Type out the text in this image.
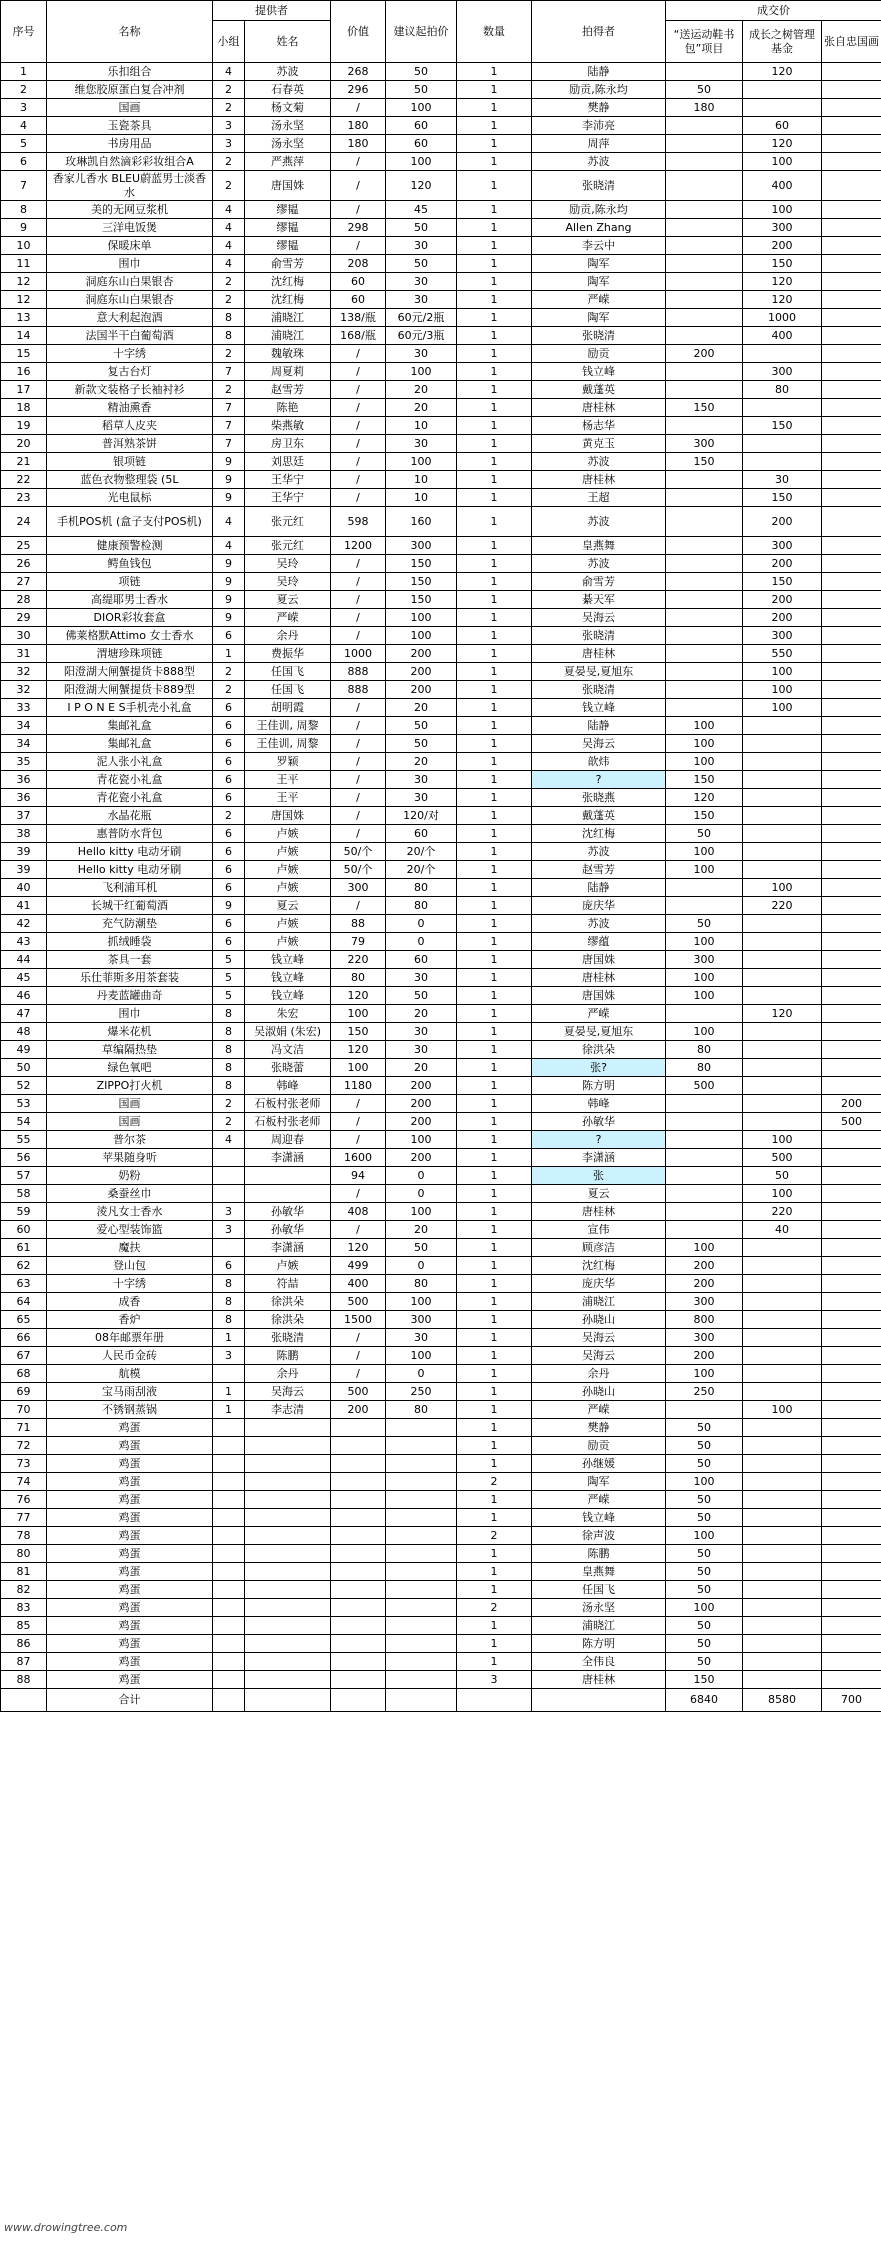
序号	名称	提供者		价值	建议起拍价	数量	拍得者	成交价		
		小组	姓名					“送运动鞋书包”项目	成长之树管理基金	张自忠国画
1	乐扣组合	4	苏波	268	50	1	陆静		120	
2	维您胶原蛋白复合冲剂	2	石春英	296	50	1	励贡,陈永均	50		
3	国画	2	杨文菊	/	100	1	樊静	180		
4	玉瓷茶具	3	汤永坚	180	60	1	李沛亮		60	
5	书房用品	3	汤永坚	180	60	1	周萍		120	
6	玫琳凯自然滴彩彩妆组合A	2	严燕萍	/	100	1	苏波		100	
7	香家儿香水 BLEU蔚蓝男士淡香水	2	唐国姝	/	120	1	张晓清		400	
8	美的无网豆浆机	4	缪韫	/	45	1	励贡,陈永均		100	
9	三洋电饭煲	4	缪韫	298	50	1	Allen Zhang		300	
10	保暖床单	4	缪韫	/	30	1	李云中		200	
11	围巾	4	俞雪芳	208	50	1	陶军		150	
12	洞庭东山白果银杏	2	沈红梅	60	30	1	陶军		120	
12	洞庭东山白果银杏	2	沈红梅	60	30	1	严嵘		120	
13	意大利起泡酒	8	浦晓江	138/瓶	60元/2瓶	1	陶军		1000	
14	法国半干白葡萄酒	8	浦晓江	168/瓶	60元/3瓶	1	张晓清		400	
15	十字绣	2	魏敏珠	/	30	1	励贡	200		
16	复古台灯	7	周夏莉	/	100	1	钱立峰		300	
17	新款文装格子长袖衬衫	2	赵雪芳	/	20	1	戴蓬英		80	
18	精油熏香	7	陈艳	/	20	1	唐桂林	150		
19	稻草人皮夹	7	柴燕敏	/	10	1	杨志华		150	
20	普洱熟茶饼	7	房卫东	/	30	1	黄克玉	300		
21	银项链	9	刘思廷	/	100	1	苏波	150		
22	蓝色衣物整理袋 (5L	9	王华宁	/	10	1	唐桂林		30	
23	光电鼠标	9	王华宁	/	10	1	王超		150	
24	手机POS机 (盒子支付POS机)	4	张元红	598	160	1	苏波		200	
25	健康预警检测	4	张元红	1200	300	1	皇燕舞		300	
26	鳄鱼钱包	9	吴玲	/	150	1	苏波		200	
27	项链	9	吴玲	/	150	1	俞雪芳		150	
28	高缇耶男士香水	9	夏云	/	150	1	綦天军		200	
29	DIOR彩妆套盒	9	严嵘	/	100	1	吴海云		200	
30	佛莱格默Attimo 女士香水	6	余丹	/	100	1	张晓清		300	
31	渭塘珍珠项链	1	费振华	1000	200	1	唐桂林		550	
32	阳澄湖大闸蟹提货卡888型	2	任国飞	888	200	1	夏晏旻,夏旭东		100	
32	阳澄湖大闸蟹提货卡889型	2	任国飞	888	200	1	张晓清		100	
33	I P O N E S手机壳小礼盒	6	胡明霞	/	20	1	钱立峰		100	
34	集邮礼盒	6	王佳训, 周黎	/	50	1	陆静	100		
34	集邮礼盒	6	王佳训, 周黎	/	50	1	吴海云	100		
35	泥人张小礼盒	6	罗颖	/	20	1	歆炜	100		
36	青花瓷小礼盒	6	王平	/	30	1	?	150		
36	青花瓷小礼盒	6	王平	/	30	1	张晓燕	120		
37	水晶花瓶	2	唐国姝	/	120/对	1	戴蓬英	150		
38	惠普防水背包	6	卢嫉	/	60	1	沈红梅	50		
39	Hello kitty 电动牙刷	6	卢嫉	50/个	20/个	1	苏波	100		
39	Hello kitty 电动牙刷	6	卢嫉	50/个	20/个	1	赵雪芳	100		
40	飞利浦耳机	6	卢嫉	300	80	1	陆静		100	
41	长城干红葡萄酒	9	夏云	/	80	1	庞庆华		220	
42	充气防潮垫	6	卢嫉	88	0	1	苏波	50		
43	抓绒睡袋	6	卢嫉	79	0	1	缪蕴	100		
44	茶具一套	5	钱立峰	220	60	1	唐国姝	300		
45	乐仕菲斯多用茶套装	5	钱立峰	80	30	1	唐桂林	100		
46	丹麦蓝罐曲奇	5	钱立峰	120	50	1	唐国姝	100		
47	围巾	8	朱宏	100	20	1	严嵘		120	
48	爆米花机	8	吴淑娟 (朱宏)	150	30	1	夏晏旻,夏旭东	100		
49	草编隔热垫	8	冯文洁	120	30	1	徐洪朵	80		
50	绿色氧吧	8	张晓蕾	100	20	1	张?	80		
52	ZIPPO打火机	8	韩峰	1180	200	1	陈方明	500		
53	国画	2	石板村张老师	/	200	1	韩峰			200
54	国画	2	石板村张老师	/	200	1	孙敏华			500
55	普尔茶	4	周迎春	/	100	1	?		100	
56	苹果随身听		李潇涵	1600	200	1	李潇涵		500	
57	奶粉			94	0	1	张		50	
58	桑蚕丝巾			/	0	1	夏云		100	
59	淩凡女士香水	3	孙敏华	408	100	1	唐桂林		220	
60	爱心型装饰篮	3	孙敏华	/	20	1	宣伟		40	
61	魔扶		李潇涵	120	50	1	顾彦洁	100		
62	登山包	6	卢嫉	499	0	1	沈红梅	200		
63	十字绣	8	符喆	400	80	1	庞庆华	200		
64	成香	8	徐洪朵	500	100	1	浦晓江	300		
65	香炉	8	徐洪朵	1500	300	1	孙晓山	800		
66	08年邮票年册	1	张晓清	/	30	1	吴海云	300		
67	人民币金砖	3	陈鹏	/	100	1	吴海云	200		
68	航模		余丹	/	0	1	余丹	100		
69	宝马雨刮液	1	吴海云	500	250	1	孙晓山	250		
70	不锈钢蒸锅	1	李志清	200	80	1	严嵘		100	
71	鸡蛋					1	樊静	50		
72	鸡蛋					1	励贡	50		
73	鸡蛋					1	孙继媛	50		
74	鸡蛋					2	陶军	100		
76	鸡蛋					1	严嵘	50		
77	鸡蛋					1	钱立峰	50		
78	鸡蛋					2	徐声波	100		
80	鸡蛋					1	陈鹏	50		
81	鸡蛋					1	皇燕舞	50		
82	鸡蛋					1	任国飞	50		
83	鸡蛋					2	汤永坚	100		
85	鸡蛋					1	浦晓江	50		
86	鸡蛋					1	陈方明	50		
87	鸡蛋					1	全伟良	50		
88	鸡蛋					3	唐桂林	150		
	合计							6840	8580	700
www.drowingtree.com
